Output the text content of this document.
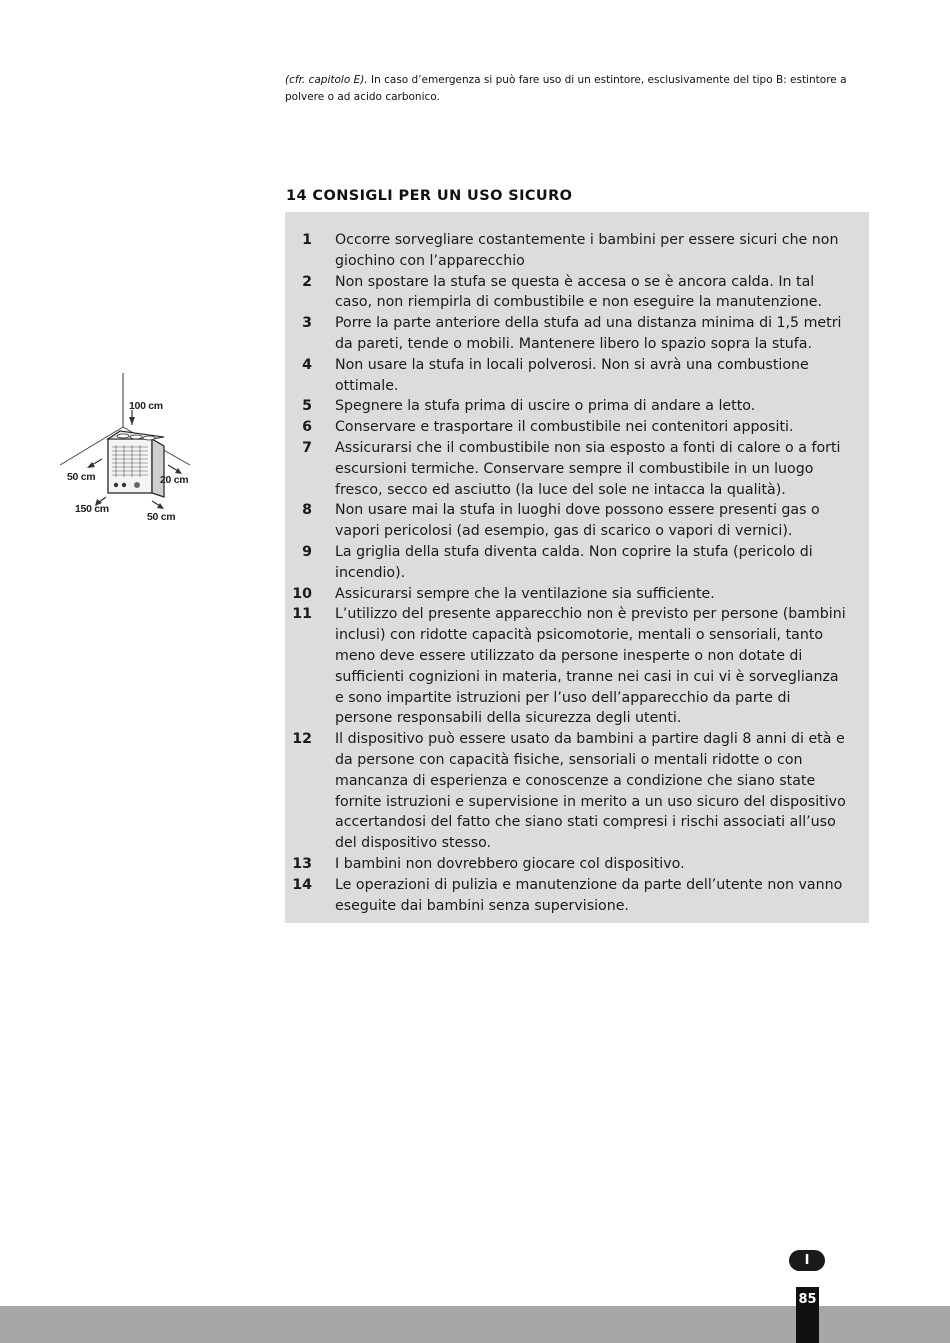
(cfr. capitolo E). In caso d’emergenza si può fare uso di un estintore, esclusivamente del tipo B: estintore a polvere o ad acido carbonico.
14 CONSIGLI PER UN USO SICURO
1 Occorre sorvegliare costantemente i bambini per essere sicuri che non giochino con l’apparecchio
2 Non spostare la stufa se questa è accesa o se è ancora calda. In tal caso, non riempirla di combustibile e non eseguire la manutenzione.
3 Porre la parte anteriore della stufa ad una distanza minima di 1,5 metri da pareti, tende o mobili. Mantenere libero lo spazio sopra la stufa.
4 Non usare la stufa in locali polverosi. Non si avrà una combustione ottimale.
5 Spegnere la stufa prima di uscire o prima di andare a letto.
6 Conservare e trasportare il combustibile nei contenitori appositi.
7 Assicurarsi che il combustibile non sia esposto a fonti di calore o a forti escursioni termiche. Conservare sempre il combustibile in un luogo fresco, secco ed asciutto (la luce del sole ne intacca la qualità).
8 Non usare mai la stufa in luoghi dove possono essere presenti gas o vapori pericolosi (ad esempio, gas di scarico o vapori di vernici).
9 La griglia della stufa diventa calda. Non coprire la stufa (pericolo di incendio).
10 Assicurarsi sempre che la ventilazione sia sufficiente.
11 L’utilizzo del presente apparecchio non è previsto per persone (bambini inclusi) con ridotte capacità psicomotorie, mentali o sensoriali, tanto meno deve essere utilizzato da persone inesperte o non dotate di sufficienti cognizioni in materia, tranne nei casi in cui vi è sorveglianza e sono impartite istruzioni per l’uso dell’apparecchio da parte di persone responsabili della sicurezza degli utenti.
12 Il dispositivo può essere usato da bambini a partire dagli 8 anni di età e da persone con capacità fisiche, sensoriali o mentali ridotte o con mancanza di esperienza e conoscenze a condizione che siano state fornite istruzioni e supervisione in merito a un uso sicuro del dispositivo accertandosi del fatto che siano stati compresi i rischi associati all’uso del dispositivo stesso.
13 I bambini non dovrebbero giocare col dispositivo.
14 Le operazioni di pulizia e manutenzione da parte dell’utente non vanno eseguite dai bambini senza supervisione.
100 cm
50 cm	20 cm
150 cm
50 cm
I
85
